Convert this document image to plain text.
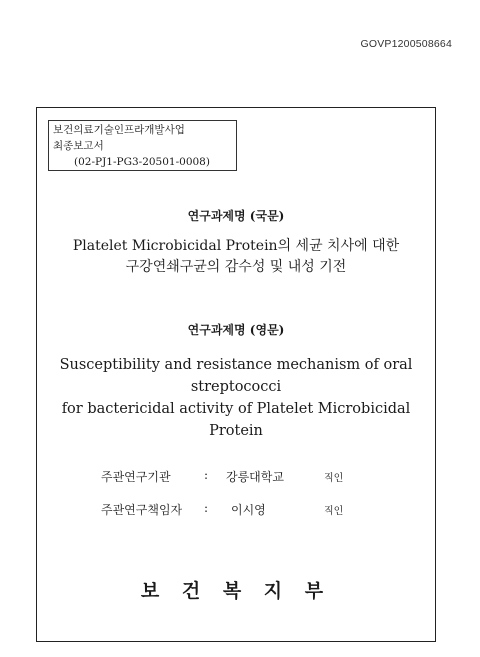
GOVP1200508664
보건의료기술인프라개발사업
최종보고서
(02-PJ1-PG3-20501-0008)
연구과제명 (국문)
Platelet Microbicidal Protein의 세균 치사에 대한
구강연쇄구균의 감수성 및 내성 기전
연구과제명 (영문)
Susceptibility and resistance mechanism of oral streptococci
for bactericidal activity of Platelet Microbicidal Protein
주관연구기관	: 강릉대학교	직인
주관연구책임자 : 이시영	직인
보 건 복 지 부
